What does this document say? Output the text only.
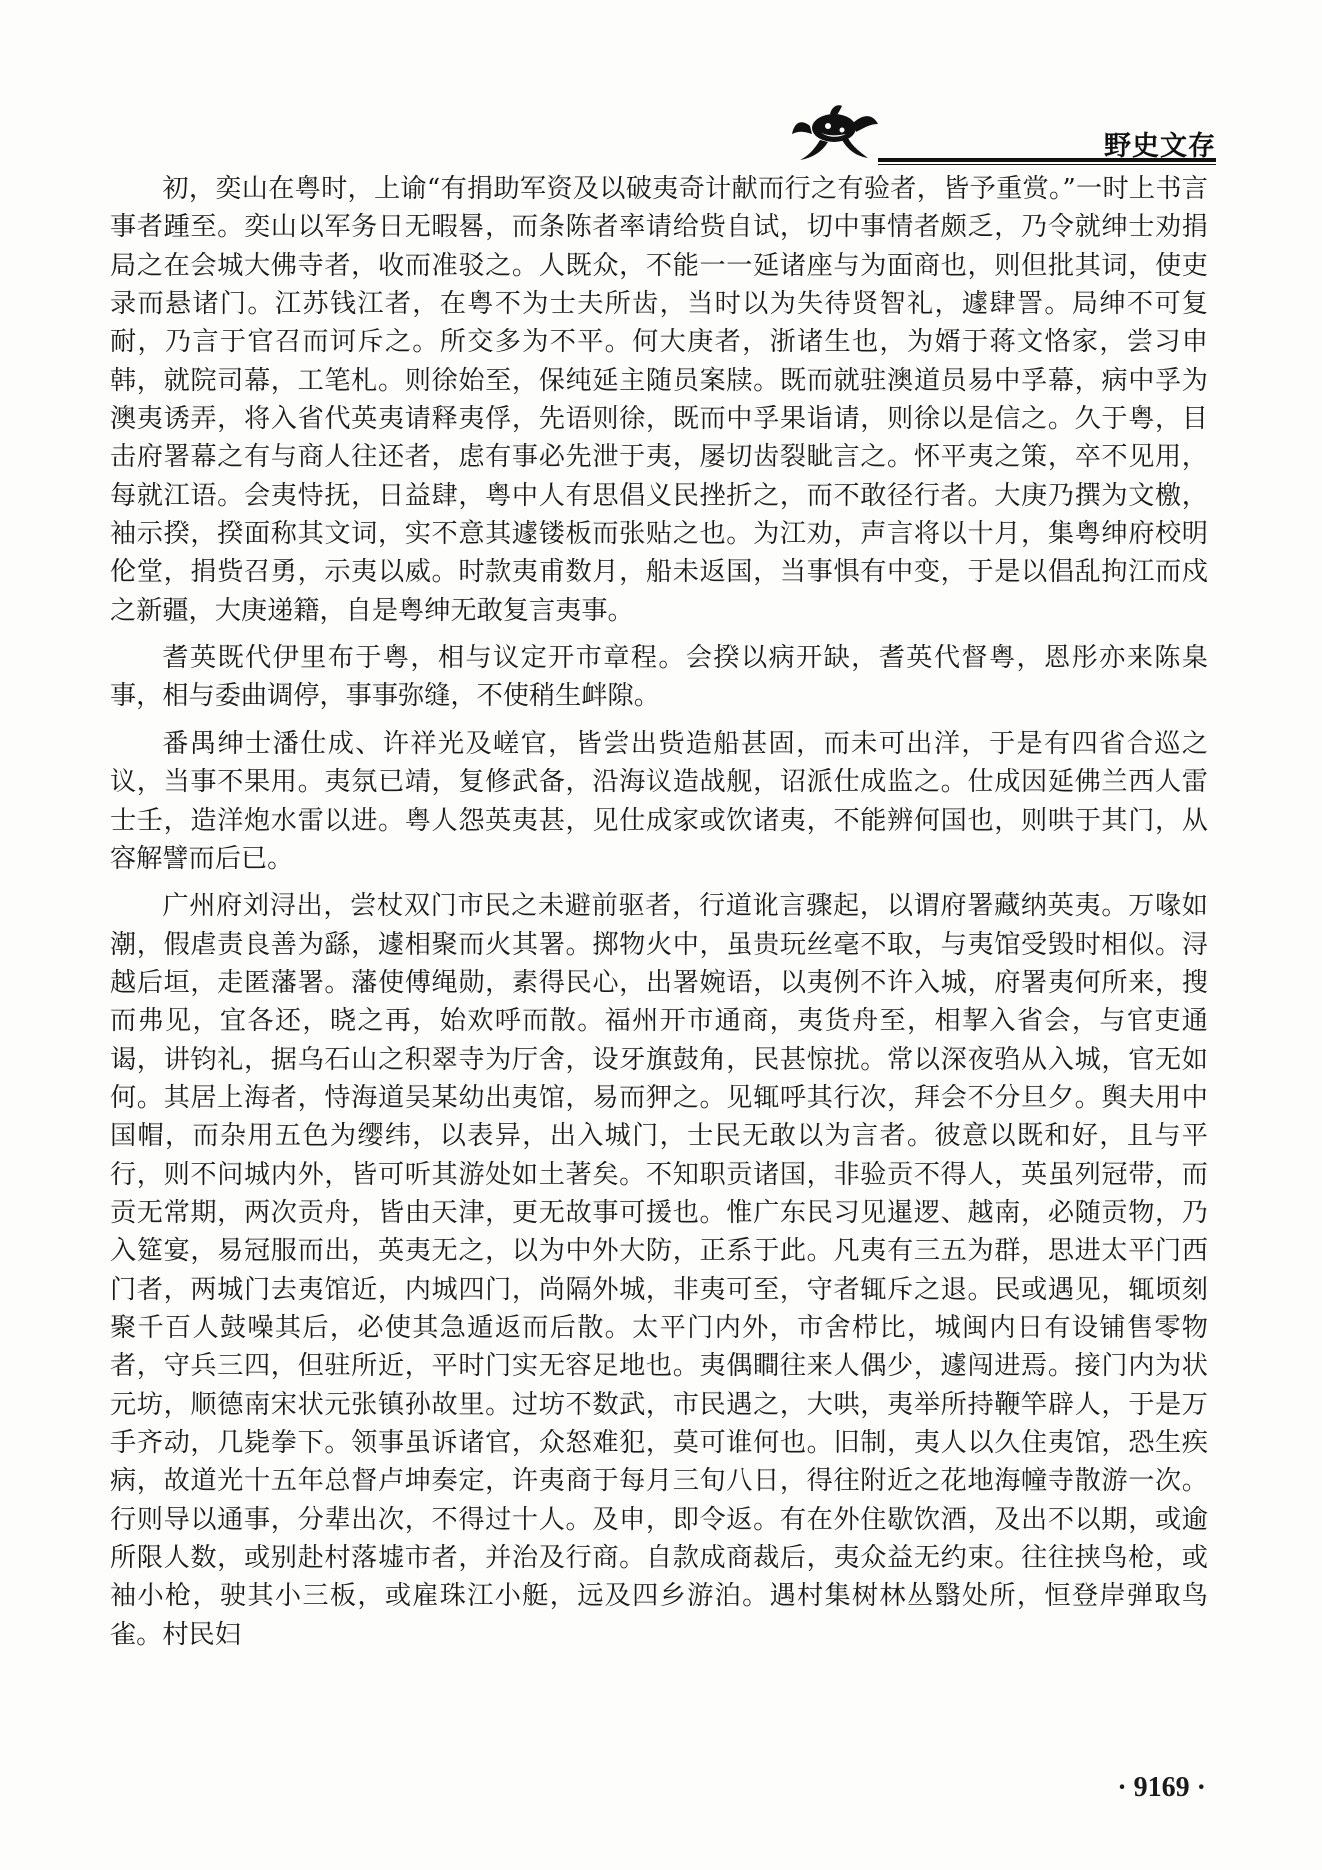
野史文存

初，奕山在粤时，上谕“有捐助军资及以破夷奇计献而行之有验者，皆予重赏。”一时上书言事者踵至。奕山以军务日无暇晷，而条陈者率请给赀自试，切中事情者颇乏，乃令就绅士劝捐局之在会城大佛寺者，收而准驳之。人既众，不能一一延诸座与为面商也，则但批其词，使吏录而悬诸门。江苏钱江者，在粤不为士夫所齿，当时以为失待贤智礼，遽肆詈。局绅不可复耐，乃言于官召而诃斥之。所交多为不平。何大庚者，浙诸生也，为婿于蒋文恪家，尝习申韩，就院司幕，工笔札。则徐始至，保纯延主随员案牍。既而就驻澳道员易中孚幕，病中孚为澳夷诱弄，将入省代英夷请释夷俘，先语则徐，既而中孚果诣请，则徐以是信之。久于粤，目击府署幕之有与商人往还者，虑有事必先泄于夷，屡切齿裂眦言之。怀平夷之策，卒不见用，每就江语。会夷恃抚，日益肆，粤中人有思倡义民挫折之，而不敢径行者。大庚乃撰为文檄，袖示揆，揆面称其文词，实不意其遽镂板而张贴之也。为江劝，声言将以十月，集粤绅府校明伦堂，捐赀召勇，示夷以威。时款夷甫数月，船未返国，当事惧有中变，于是以倡乱拘江而戍之新疆，大庚递籍，自是粤绅无敢复言夷事。

耆英既代伊里布于粤，相与议定开市章程。会揆以病开缺，耆英代督粤，恩彤亦来陈臬事，相与委曲调停，事事弥缝，不使稍生衅隙。

番禺绅士潘仕成、许祥光及嵯官，皆尝出赀造船甚固，而未可出洋，于是有四省合巡之议，当事不果用。夷氛已靖，复修武备，沿海议造战舰，诏派仕成监之。仕成因延佛兰西人雷士壬，造洋炮水雷以进。粤人怨英夷甚，见仕成家或饮诸夷，不能辨何国也，则哄于其门，从容解譬而后已。

广州府刘浔出，尝杖双门市民之未避前驱者，行道讹言骤起，以谓府署藏纳英夷。万喙如潮，假虐责良善为繇，遽相聚而火其署。掷物火中，虽贵玩丝毫不取，与夷馆受毁时相似。浔越后垣，走匿藩署。藩使傅绳勋，素得民心，出署婉语，以夷例不许入城，府署夷何所来，搜而弗见，宜各还，晓之再，始欢呼而散。福州开市通商，夷货舟至，相挈入省会，与官吏通谒，讲钧礼，据乌石山之积翠寺为厅舍，设牙旗鼓角，民甚惊扰。常以深夜驺从入城，官无如何。其居上海者，恃海道吴某幼出夷馆，易而狎之。见辄呼其行次，拜会不分旦夕。舆夫用中国帽，而杂用五色为缨纬，以表异，出入城门，士民无敢以为言者。彼意以既和好，且与平行，则不问城内外，皆可听其游处如土著矣。不知职贡诸国，非验贡不得人，英虽列冠带，而贡无常期，两次贡舟，皆由天津，更无故事可援也。惟广东民习见暹逻、越南，必随贡物，乃入筵宴，易冠服而出，英夷无之，以为中外大防，正系于此。凡夷有三五为群，思进太平门西门者，两城门去夷馆近，内城四门，尚隔外城，非夷可至，守者辄斥之退。民或遇见，辄顷刻聚千百人鼓噪其后，必使其急遁返而后散。太平门内外，市舍栉比，城闽内日有设铺售零物者，守兵三四，但驻所近，平时门实无容足地也。夷偶瞷往来人偶少，遽闯进焉。接门内为状元坊，顺德南宋状元张镇孙故里。过坊不数武，市民遇之，大哄，夷举所持鞭竿辟人，于是万手齐动，几毙拳下。领事虽诉诸官，众怒难犯，莫可谁何也。旧制，夷人以久住夷馆，恐生疾病，故道光十五年总督卢坤奏定，许夷商于每月三旬八日，得往附近之花地海幢寺散游一次。行则导以通事，分辈出次，不得过十人。及申，即令返。有在外住歇饮酒，及出不以期，或逾所限人数，或别赴村落墟市者，并治及行商。自款成商裁后，夷众益无约束。往往挟鸟枪，或袖小枪，驶其小三板，或雇珠江小艇，远及四乡游泊。遇村集树林丛翳处所，恒登岸弹取鸟雀。村民妇

· 9169 ·
